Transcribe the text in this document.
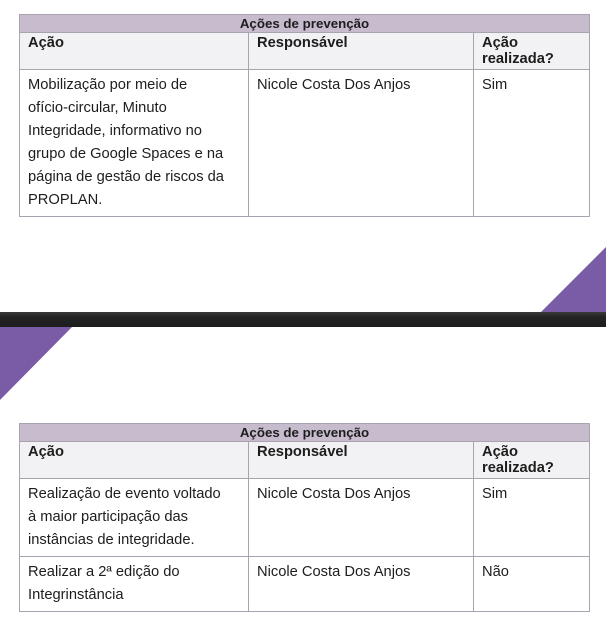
Ações de prevenção		
Ação	Responsável	Ação realizada?
Mobilização por meio de ofício-circular, Minuto Integridade, informativo no grupo de Google Spaces e na página de gestão de riscos da PROPLAN.	Nicole Costa Dos Anjos	Sim
Ações de prevenção		
Ação	Responsável	Ação realizada?
Realização de evento voltado à maior participação das instâncias de integridade.	Nicole Costa Dos Anjos	Sim
Realizar a 2ª edição do Integrinstância	Nicole Costa Dos Anjos	Não
